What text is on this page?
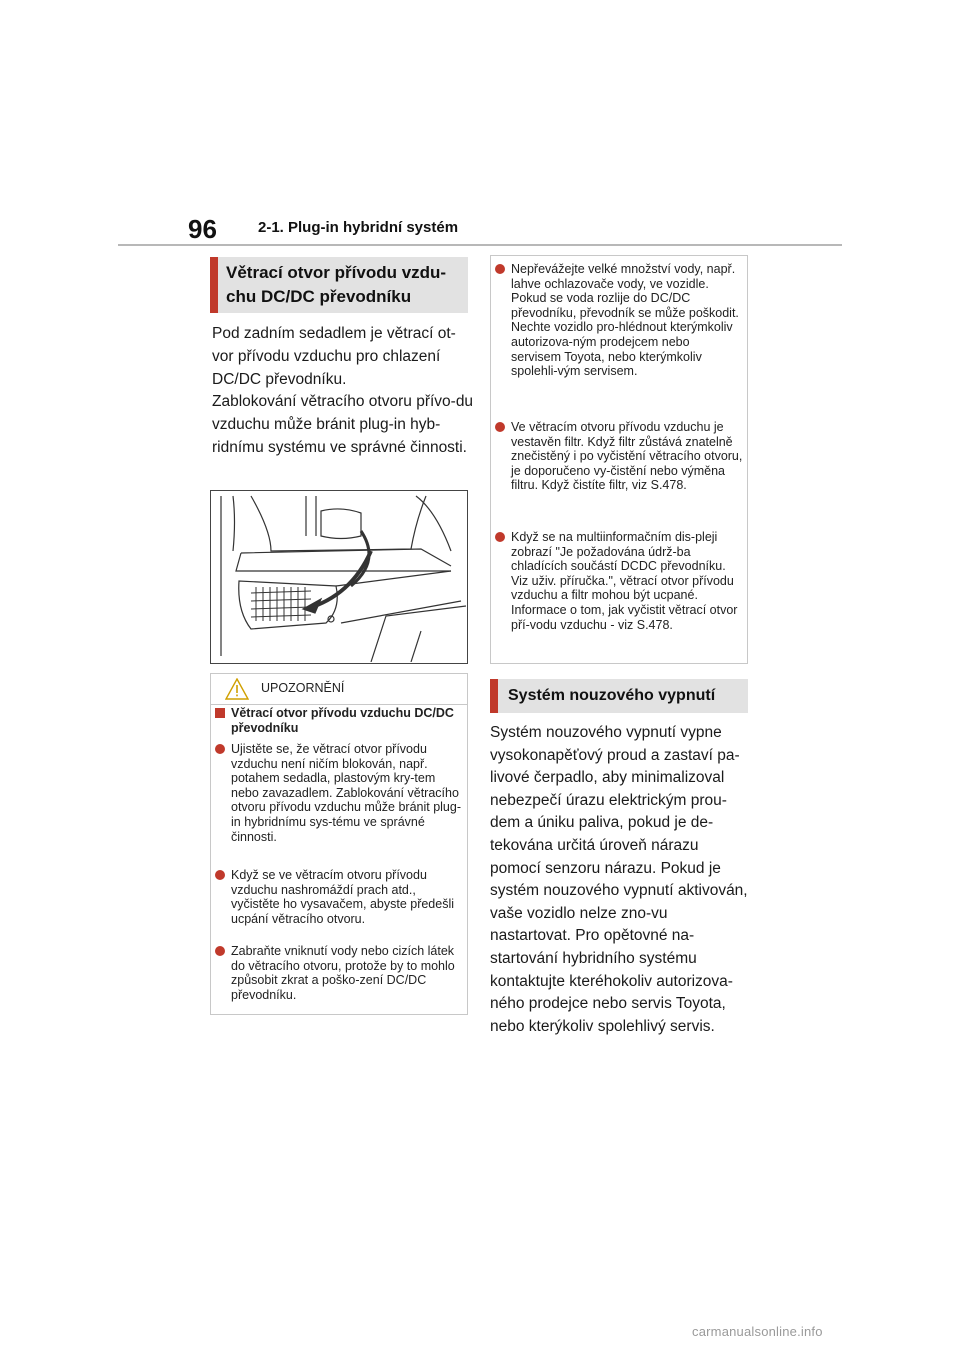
96	2-1. Plug-in hybridní systém
Větrací otvor přívodu vzdu-chu DC/DC převodníku

Pod zadním sedadlem je větrací ot-vor přívodu vzduchu pro chlazení DC/DC převodníku.

Zablokování větracího otvoru přívo-du vzduchu může bránit plug-in hyb-ridnímu systému ve správné činnosti.

UPOZORNĚNÍ
Větrací otvor přívodu vzduchu DC/DC převodníku
Ujistěte se, že větrací otvor přívodu vzduchu není ničím blokován, např. potahem sedadla, plastovým kry-tem nebo zavazadlem. Zablokování větracího otvoru přívodu vzduchu může bránit plug-in hybridnímu sys-tému ve správné činnosti.
Když se ve větracím otvoru přívodu vzduchu nashromáždí prach atd., vyčistěte ho vysavačem, abyste předešli ucpání větracího otvoru.
Zabraňte vniknutí vody nebo cizích látek do větracího otvoru, protože by to mohlo způsobit zkrat a poško-zení DC/DC převodníku.
Nepřevážejte velké množství vody, např. lahve ochlazovače vody, ve vozidle. Pokud se voda rozlije do DC/DC převodníku, převodník se může poškodit. Nechte vozidlo pro-hlédnout kterýmkoliv autorizova-ným prodejcem nebo servisem Toyota, nebo kterýmkoliv spolehli-vým servisem.
Ve větracím otvoru přívodu vzduchu je vestavěn filtr. Když filtr zůstává znatelně znečistěný i po vyčistění větracího otvoru, je doporučeno vy-čistění nebo výměna filtru. Když čistíte filtr, viz S.478.
Když se na multiinformačním dis-pleji zobrazí "Je požadována údrž-ba chladících součástí DCDC převodníku. Viz uživ. příručka.", větrací otvor přívodu vzduchu a filtr mohou být ucpané. Informace o tom, jak vyčistit větrací otvor pří-vodu vzduchu - viz S.478.
Systém nouzového vypnutí

Systém nouzového vypnutí vypne vysokonapěťový proud a zastaví pa-livové čerpadlo, aby minimalizoval nebezpečí úrazu elektrickým prou-dem a úniku paliva, pokud je de-tekována určitá úroveň nárazu pomocí senzoru nárazu. Pokud je systém nouzového vypnutí aktivován, vaše vozidlo nelze zno-vu nastartovat. Pro opětovné na-startování hybridního systému kontaktujte kteréhokoliv autorizova-ného prodejce nebo servis Toyota, nebo kterýkoliv spolehlivý servis.

carmanualsonline.info
